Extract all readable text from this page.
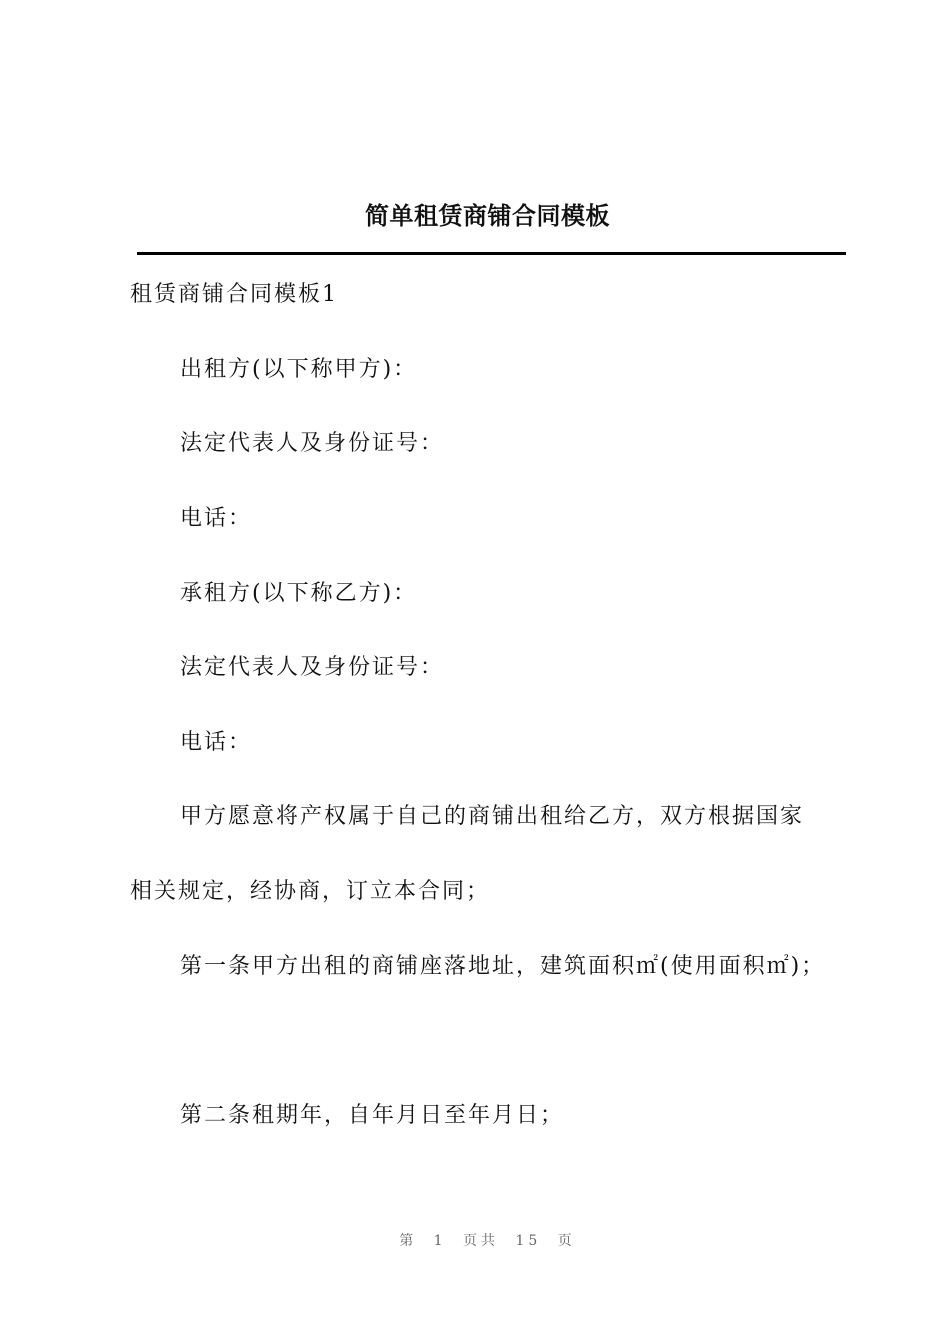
简单租赁商铺合同模板
租赁商铺合同模板1
出租方(以下称甲方)：
法定代表人及身份证号：
电话：
承租方(以下称乙方)：
法定代表人及身份证号：
电话：
甲方愿意将产权属于自己的商铺出租给乙方，双方根据国家
相关规定，经协商，订立本合同；
第一条甲方出租的商铺座落地址，建筑面积㎡(使用面积㎡)；
第二条租期年，自年月日至年月日；
第 1 页共 15 页
